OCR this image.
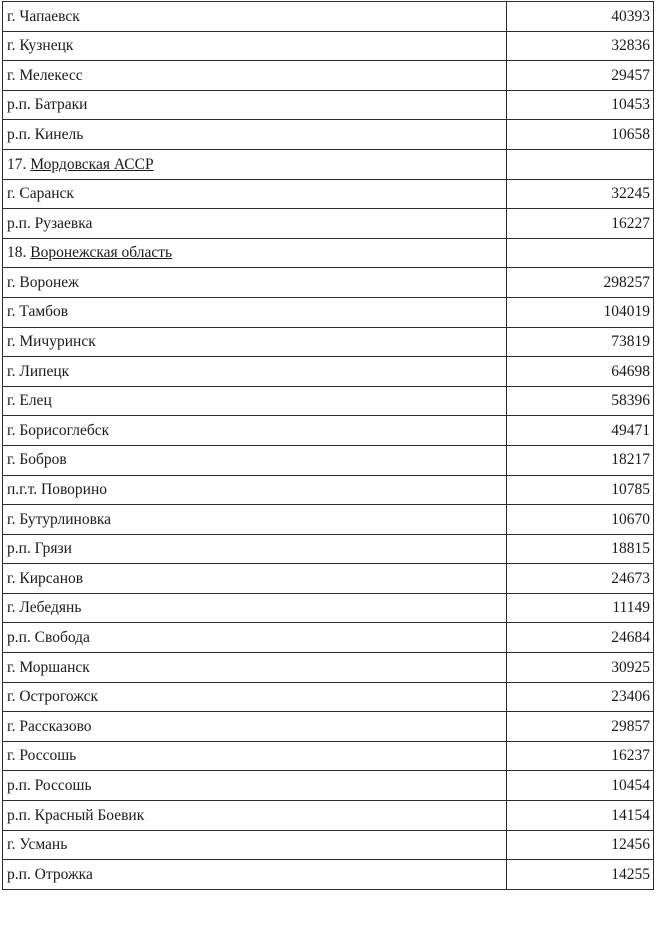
г. Чапаевск	40393
г. Кузнецк	32836
г. Мелекесс	29457
р.п. Батраки	10453
р.п. Кинель	10658
17. Мордовская АССР	
г. Саранск	32245
р.п. Рузаевка	16227
18. Воронежская область	
г. Воронеж	298257
г. Тамбов	104019
г. Мичуринск	73819
г. Липецк	64698
г. Елец	58396
г. Борисоглебск	49471
г. Бобров	18217
п.г.т. Поворино	10785
г. Бутурлиновка	10670
р.п. Грязи	18815
г. Кирсанов	24673
г. Лебедянь	11149
р.п. Свобода	24684
г. Моршанск	30925
г. Острогожск	23406
г. Рассказово	29857
г. Россошь	16237
р.п. Россошь	10454
р.п. Красный Боевик	14154
г. Усмань	12456
р.п. Отрожка	14255
